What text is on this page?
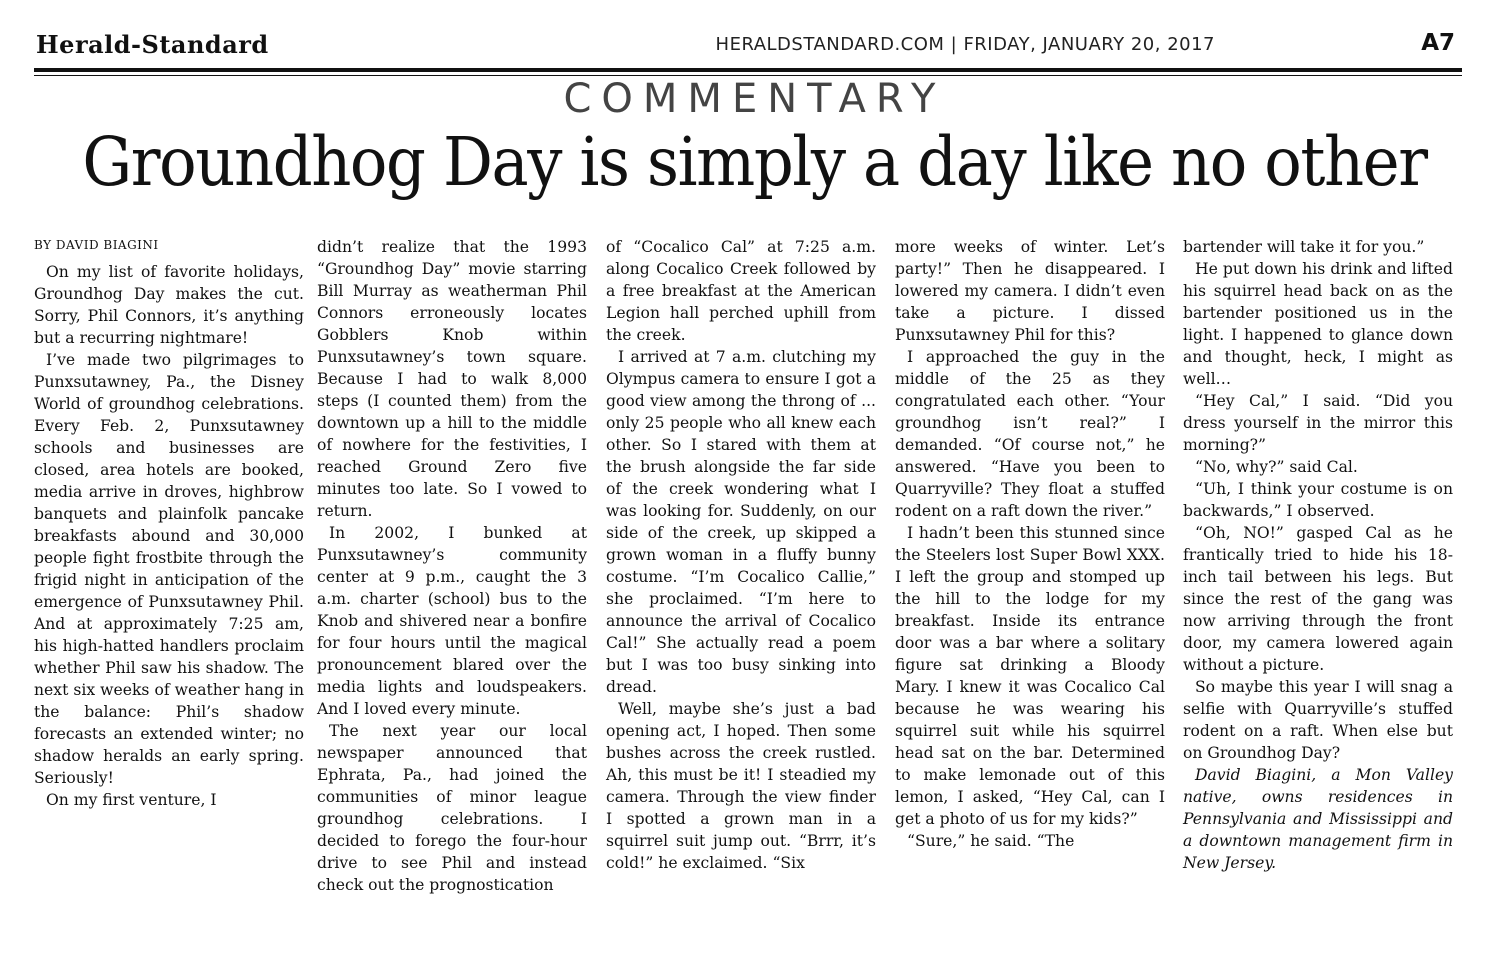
Herald-Standard	HERALDSTANDARD.COM | FRIDAY, JANUARY 20, 2017	A7
COMMENTARY
Groundhog Day is simply a day like no other
BY DAVID BIAGINI

On my list of favorite holidays, Groundhog Day makes the cut. Sorry, Phil Connors, it’s anything but a recurring nightmare!

I’ve made two pilgrimages to Punxsutawney, Pa., the Disney World of groundhog celebrations. Every Feb. 2, Punxsutawney schools and businesses are closed, area hotels are booked, media arrive in droves, highbrow banquets and plainfolk pancake breakfasts abound and 30,000 people fight frostbite through the frigid night in anticipation of the emergence of Punxsutawney Phil. And at approximately 7:25 am, his high-hatted handlers proclaim whether Phil saw his shadow. The next six weeks of weather hang in the balance: Phil’s shadow forecasts an extended winter; no shadow heralds an early spring. Seriously!

On my first venture, I

didn’t realize that the 1993 “Groundhog Day” movie starring Bill Murray as weatherman Phil Connors erroneously locates Gobblers Knob within Punxsutawney’s town square. Because I had to walk 8,000 steps (I counted them) from the downtown up a hill to the middle of nowhere for the festivities, I reached Ground Zero five minutes too late. So I vowed to return.

In 2002, I bunked at Punxsutawney’s community center at 9 p.m., caught the 3 a.m. charter (school) bus to the Knob and shivered near a bonfire for four hours until the magical pronouncement blared over the media lights and loudspeakers. And I loved every minute.

The next year our local newspaper announced that Ephrata, Pa., had joined the communities of minor league groundhog celebrations. I decided to forego the four-hour drive to see Phil and instead check out the prognostication

of “Cocalico Cal” at 7:25 a.m. along Cocalico Creek followed by a free breakfast at the American Legion hall perched uphill from the creek.

I arrived at 7 a.m. clutching my Olympus camera to ensure I got a good view among the throng of ... only 25 people who all knew each other. So I stared with them at the brush alongside the far side of the creek wondering what I was looking for. Suddenly, on our side of the creek, up skipped a grown woman in a fluffy bunny costume. “I’m Cocalico Callie,” she proclaimed. “I’m here to announce the arrival of Cocalico Cal!” She actually read a poem but I was too busy sinking into dread.

Well, maybe she’s just a bad opening act, I hoped. Then some bushes across the creek rustled. Ah, this must be it! I steadied my camera. Through the view finder I spotted a grown man in a squirrel suit jump out. “Brrr, it’s cold!” he exclaimed. “Six

more weeks of winter. Let’s party!” Then he disappeared. I lowered my camera. I didn’t even take a picture. I dissed Punxsutawney Phil for this?

I approached the guy in the middle of the 25 as they congratulated each other. “Your groundhog isn’t real?” I demanded. “Of course not,” he answered. “Have you been to Quarryville? They float a stuffed rodent on a raft down the river.”

I hadn’t been this stunned since the Steelers lost Super Bowl XXX. I left the group and stomped up the hill to the lodge for my breakfast. Inside its entrance door was a bar where a solitary figure sat drinking a Bloody Mary. I knew it was Cocalico Cal because he was wearing his squirrel suit while his squirrel head sat on the bar. Determined to make lemonade out of this lemon, I asked, “Hey Cal, can I get a photo of us for my kids?”

“Sure,” he said. “The

bartender will take it for you.”

He put down his drink and lifted his squirrel head back on as the bartender positioned us in the light. I happened to glance down and thought, heck, I might as well…

“Hey Cal,” I said. “Did you dress yourself in the mirror this morning?”

“No, why?” said Cal.

“Uh, I think your costume is on backwards,” I observed.

“Oh, NO!” gasped Cal as he frantically tried to hide his 18-inch tail between his legs. But since the rest of the gang was now arriving through the front door, my camera lowered again without a picture.

So maybe this year I will snag a selfie with Quarryville’s stuffed rodent on a raft. When else but on Groundhog Day?

David Biagini, a Mon Valley native, owns residences in Pennsylvania and Mississippi and a downtown management firm in New Jersey.
